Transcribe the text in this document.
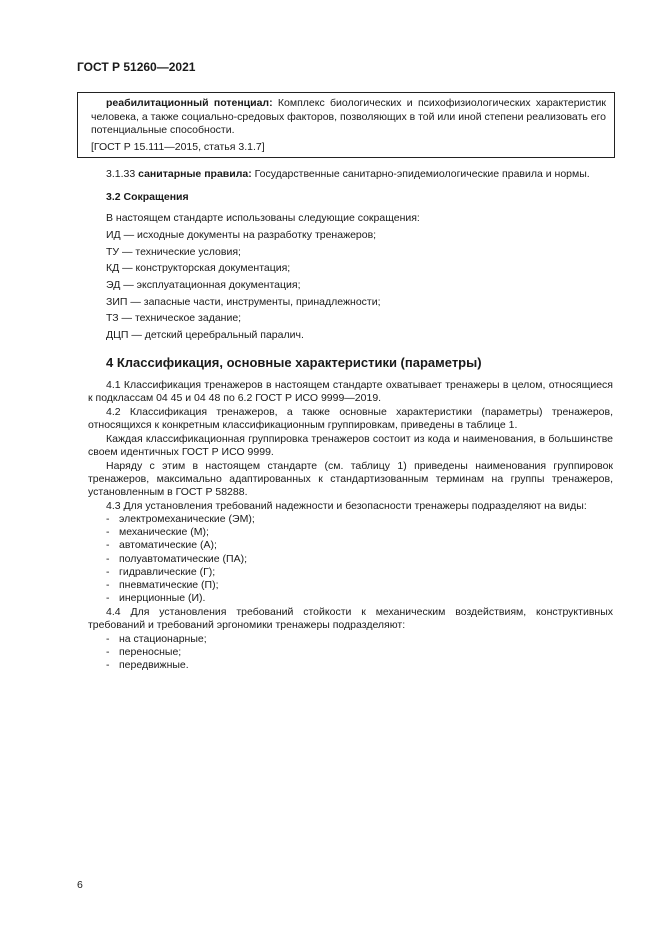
ГОСТ Р 51260—2021
реабилитационный потенциал: Комплекс биологических и психофизиологических характеристик человека, а также социально-средовых факторов, позволяющих в той или иной степени реализовать его потенциальные способности.
[ГОСТ Р 15.111—2015, статья 3.1.7]
3.1.33 санитарные правила: Государственные санитарно-эпидемиологические правила и нормы.
3.2 Сокращения
В настоящем стандарте использованы следующие сокращения:
ИД — исходные документы на разработку тренажеров;
ТУ — технические условия;
КД — конструкторская документация;
ЭД — эксплуатационная документация;
ЗИП — запасные части, инструменты, принадлежности;
ТЗ — техническое задание;
ДЦП — детский церебральный паралич.
4 Классификация, основные характеристики (параметры)
4.1 Классификация тренажеров в настоящем стандарте охватывает тренажеры в целом, относящиеся к подклассам 04 45 и 04 48 по 6.2 ГОСТ Р ИСО 9999—2019.
4.2 Классификация тренажеров, а также основные характеристики (параметры) тренажеров, относящихся к конкретным классификационным группировкам, приведены в таблице 1.
Каждая классификационная группировка тренажеров состоит из кода и наименования, в большинстве своем идентичных ГОСТ Р ИСО 9999.
Наряду с этим в настоящем стандарте (см. таблицу 1) приведены наименования группировок тренажеров, максимально адаптированных к стандартизованным терминам на группы тренажеров, установленным в ГОСТ Р 58288.
4.3 Для установления требований надежности и безопасности тренажеры подразделяют на виды:
- электромеханические (ЭМ);
- механические (М);
- автоматические (А);
- полуавтоматические (ПА);
- гидравлические (Г);
- пневматические (П);
- инерционные (И).
4.4 Для установления требований стойкости к механическим воздействиям, конструктивных требований и требований эргономики тренажеры подразделяют:
- на стационарные;
- переносные;
- передвижные.
6
